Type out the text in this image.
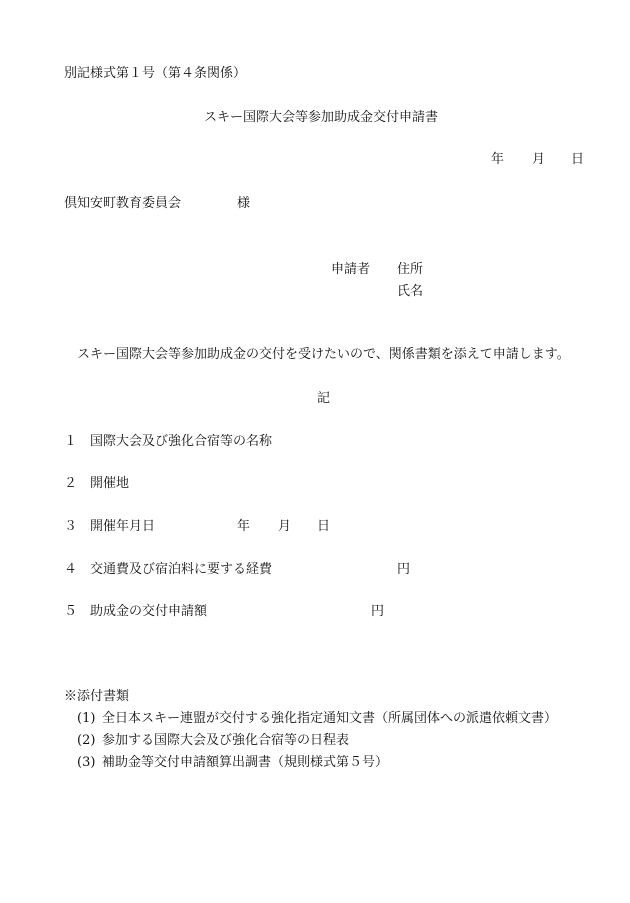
別記様式第１号（第４条関係）
スキー国際大会等参加助成金交付申請書
年 月 日
倶知安町教育委員会	様
申請者 住所
氏名
スキー国際大会等参加助成金の交付を受けたいので、関係書類を添えて申請します。
記
１ 国際大会及び強化合宿等の名称
２ 開催地
３ 開催年月日	年 月 日
４ 交通費及び宿泊料に要する経費	円
５ 助成金の交付申請額	円
※添付書類
(1) 全日本スキー連盟が交付する強化指定通知文書（所属団体への派遣依頼文書）
(2) 参加する国際大会及び強化合宿等の日程表
(3) 補助金等交付申請額算出調書（規則様式第５号）
